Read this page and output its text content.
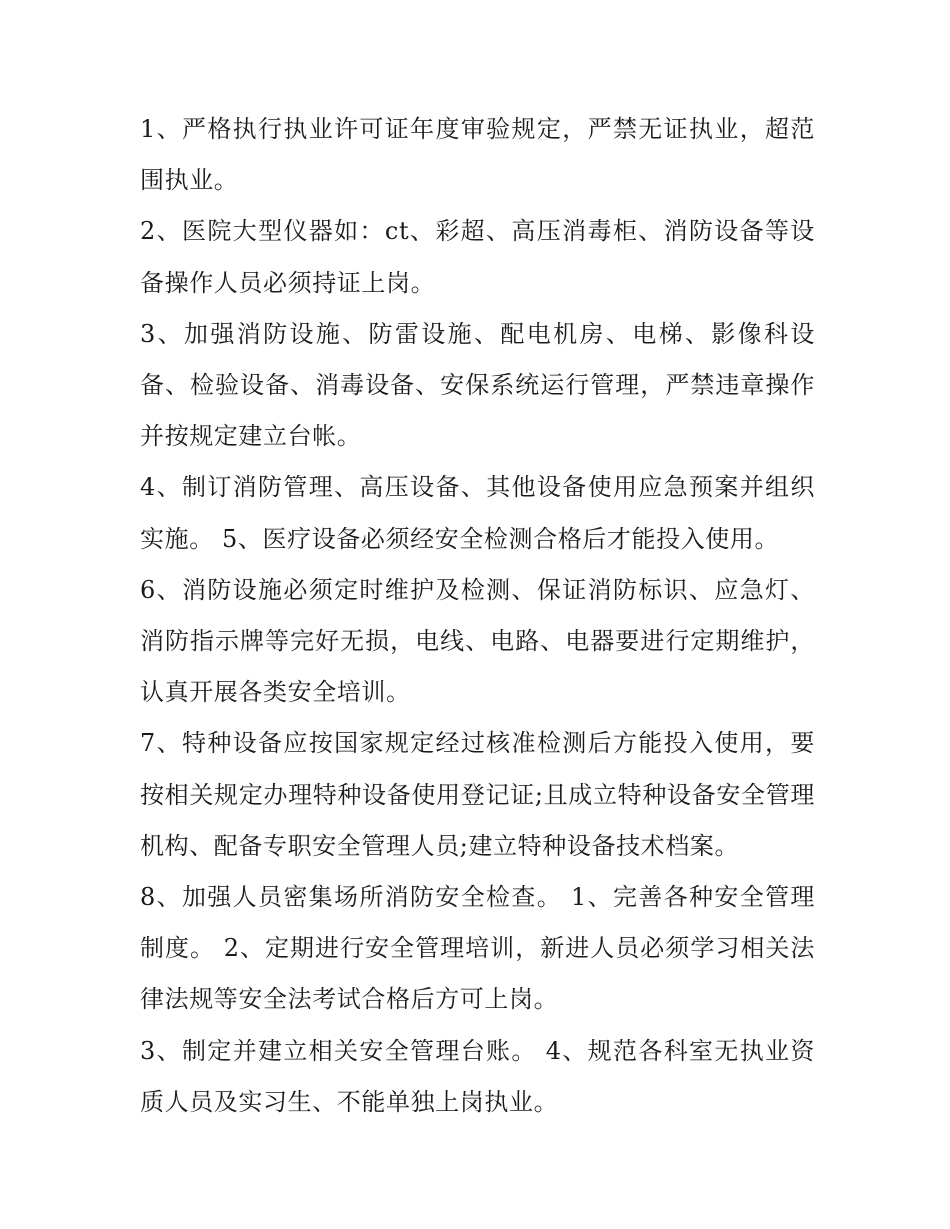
1、严格执行执业许可证年度审验规定，严禁无证执业，超范围执业。

2、医院大型仪器如：ct、彩超、高压消毒柜、消防设备等设备操作人员必须持证上岗。

3、加强消防设施、防雷设施、配电机房、电梯、影像科设备、检验设备、消毒设备、安保系统运行管理，严禁违章操作并按规定建立台帐。

4、制订消防管理、高压设备、其他设备使用应急预案并组织实施。 5、医疗设备必须经安全检测合格后才能投入使用。

6、消防设施必须定时维护及检测、保证消防标识、应急灯、消防指示牌等完好无损，电线、电路、电器要进行定期维护，认真开展各类安全培训。

7、特种设备应按国家规定经过核准检测后方能投入使用，要按相关规定办理特种设备使用登记证;且成立特种设备安全管理机构、配备专职安全管理人员;建立特种设备技术档案。

8、加强人员密集场所消防安全检查。 1、完善各种安全管理制度。 2、定期进行安全管理培训，新进人员必须学习相关法律法规等安全法考试合格后方可上岗。

3、制定并建立相关安全管理台账。 4、规范各科室无执业资质人员及实习生、不能单独上岗执业。
